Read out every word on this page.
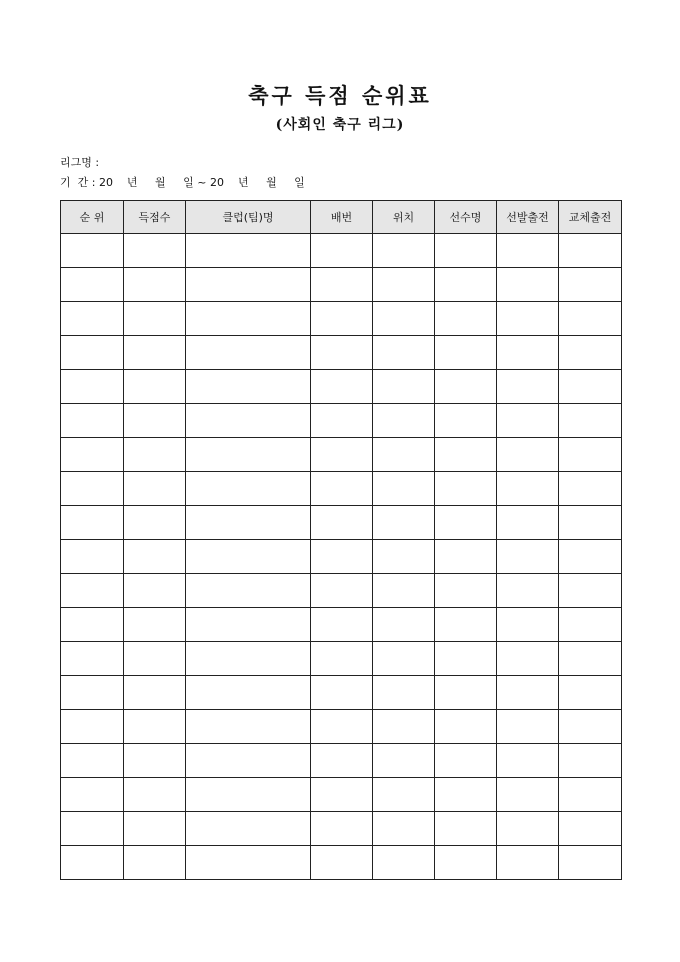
축구 득점 순위표
(사회인 축구 리그)
리그명 :
기  간 : 20    년     월     일 ~ 20    년     월     일
순 위	득점수	클럽(팀)명	배번	위치	선수명	선발출전	교체출전
